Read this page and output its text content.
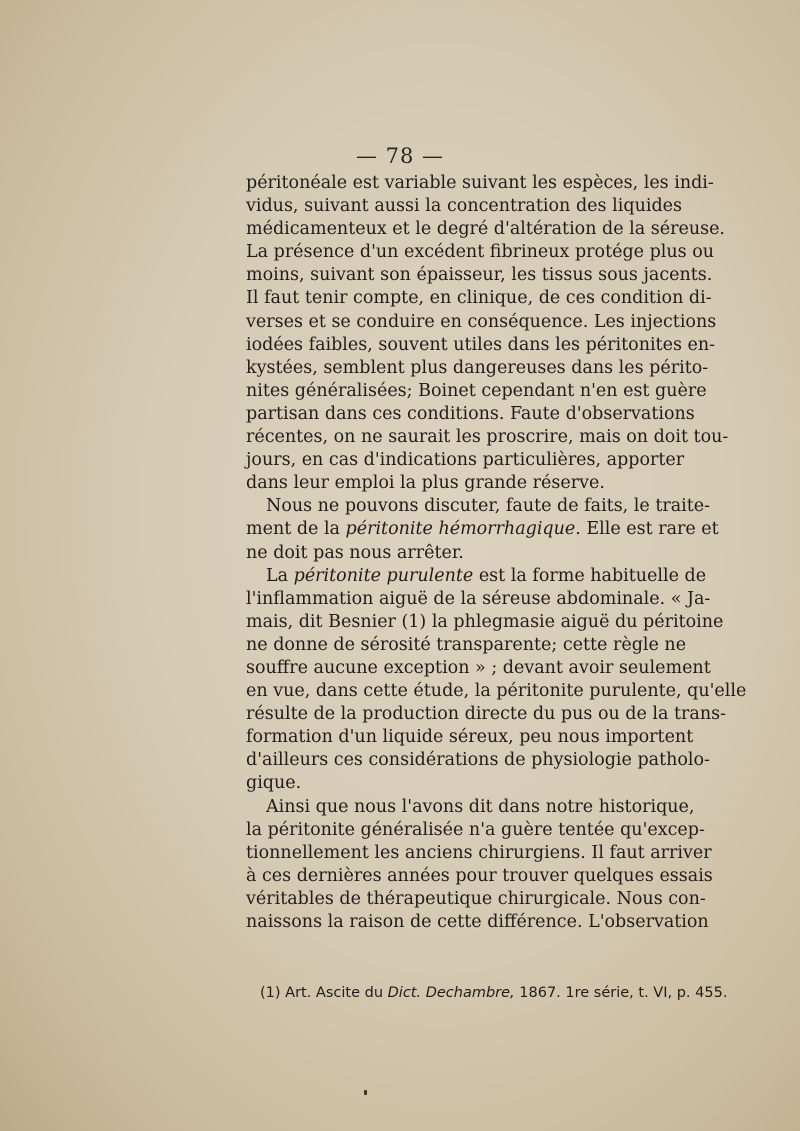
— 78 —

péritonéale est variable suivant les espèces, les indi-
vidus, suivant aussi la concentration des liquides
médicamenteux et le degré d'altération de la séreuse.
La présence d'un excédent fibrineux protége plus ou
moins, suivant son épaisseur, les tissus sous jacents.
Il faut tenir compte, en clinique, de ces condition di-
verses et se conduire en conséquence. Les injections
iodées faibles, souvent utiles dans les péritonites en-
kystées, semblent plus dangereuses dans les périto-
nites généralisées; Boinet cependant n'en est guère
partisan dans ces conditions. Faute d'observations
récentes, on ne saurait les proscrire, mais on doit tou-
jours, en cas d'indications particulières, apporter
dans leur emploi la plus grande réserve.

Nous ne pouvons discuter, faute de faits, le traite-
ment de la péritonite hémorrhagique. Elle est rare et
ne doit pas nous arrêter.

La péritonite purulente est la forme habituelle de
l'inflammation aiguë de la séreuse abdominale. « Ja-
mais, dit Besnier (1) la phlegmasie aiguë du péritoine
ne donne de sérosité transparente; cette règle ne
souffre aucune exception » ; devant avoir seulement
en vue, dans cette étude, la péritonite purulente, qu'elle
résulte de la production directe du pus ou de la trans-
formation d'un liquide séreux, peu nous importent
d'ailleurs ces considérations de physiologie patholo-
gique.

Ainsi que nous l'avons dit dans notre historique,
la péritonite généralisée n'a guère tentée qu'excep-
tionnellement les anciens chirurgiens. Il faut arriver
à ces dernières années pour trouver quelques essais
véritables de thérapeutique chirurgicale. Nous con-
naissons la raison de cette différence. L'observation

(1) Art. Ascite du Dict. Dechambre, 1867. 1re série, t. VI, p. 455.
